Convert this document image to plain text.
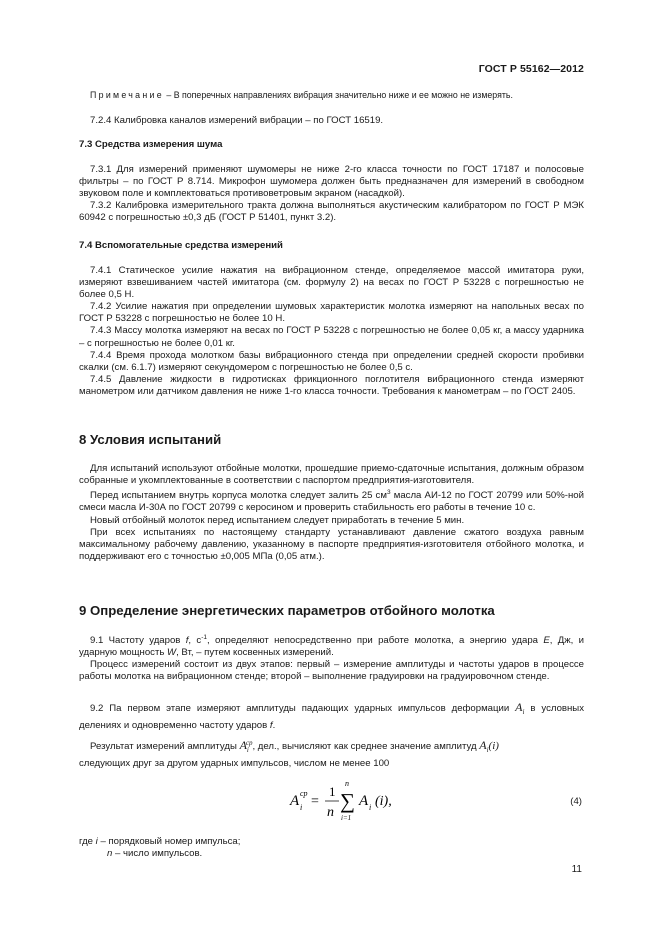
ГОСТ Р 55162—2012

Примечание – В поперечных направлениях вибрация значительно ниже и ее можно не измерять.

7.2.4 Калибровка каналов измерений вибрации – по ГОСТ 16519.

7.3 Средства измерения шума

7.3.1 Для измерений применяют шумомеры не ниже 2-го класса точности по ГОСТ 17187 и полосовые фильтры – по ГОСТ Р 8.714. Микрофон шумомера должен быть предназначен для измерений в свободном звуковом поле и комплектоваться противоветровым экраном (насадкой).

7.3.2 Калибровка измерительного тракта должна выполняться акустическим калибратором по ГОСТ Р МЭК 60942 с погрешностью ±0,3 дБ (ГОСТ Р 51401, пункт 3.2).

7.4 Вспомогательные средства измерений

7.4.1 Статическое усилие нажатия на вибрационном стенде, определяемое массой имитатора руки, измеряют взвешиванием частей имитатора (см. формулу 2) на весах по ГОСТ Р 53228 с погрешностью не более 0,5 Н.

7.4.2 Усилие нажатия при определении шумовых характеристик молотка измеряют на напольных весах по ГОСТ Р 53228 с погрешностью не более 10 Н.

7.4.3 Массу молотка измеряют на весах по ГОСТ Р 53228 с погрешностью не более 0,05 кг, а массу ударника – с погрешностью не более 0,01 кг.

7.4.4 Время прохода молотком базы вибрационного стенда при определении средней скорости пробивки скалки (см. 6.1.7) измеряют секундомером с погрешностью не более 0,5 с.

7.4.5 Давление жидкости в гидротисках фрикционного поглотителя вибрационного стенда измеряют манометром или датчиком давления не ниже 1-го класса точности. Требования к манометрам – по ГОСТ 2405.

8 Условия испытаний

Для испытаний используют отбойные молотки, прошедшие приемо-сдаточные испытания, должным образом собранные и укомплектованные в соответствии с паспортом предприятия-изготовителя.

Перед испытанием внутрь корпуса молотка следует залить 25 $см^3$ масла АИ-12 по ГОСТ 20799 или 50%-ной смеси масла И-30А по ГОСТ 20799 с керосином и проверить стабильность его работы в течение 10 с.

Новый отбойный молоток перед испытанием следует приработать в течение 5 мин.

При всех испытаниях по настоящему стандарту устанавливают давление сжатого воздуха равным максимальному рабочему давлению, указанному в паспорте предприятия-изготовителя отбойного молотка, и поддерживают его с точностью ±0,005 МПа (0,05 атм.).

9 Определение энергетических параметров отбойного молотка

9.1 Частоту ударов f, $с^{-1}$, определяют непосредственно при работе молотка, а энергию удара E, Дж, и ударную мощность W, Вт, – путем косвенных измерений.

Процесс измерений состоит из двух этапов: первый – измерение амплитуды и частоты ударов в процессе работы молотка на вибрационном стенде; второй – выполнение градуировки на градуировочном стенде.

9.2 Па первом этапе измеряют амплитуды падающих ударных импульсов деформации $A_i$ в условных делениях и одновременно частоту ударов f.

Результат измерений амплитуды $A_i^{ср}$, дел., вычисляют как среднее значение амплитуд $A_i(i)$

следующих друг за другом ударных импульсов, числом не менее 100

A i
cp
=
1
n
n
∑
i=1
A i (i),	(4)

где i – порядковый номер импульса;

n – число импульсов.

11
